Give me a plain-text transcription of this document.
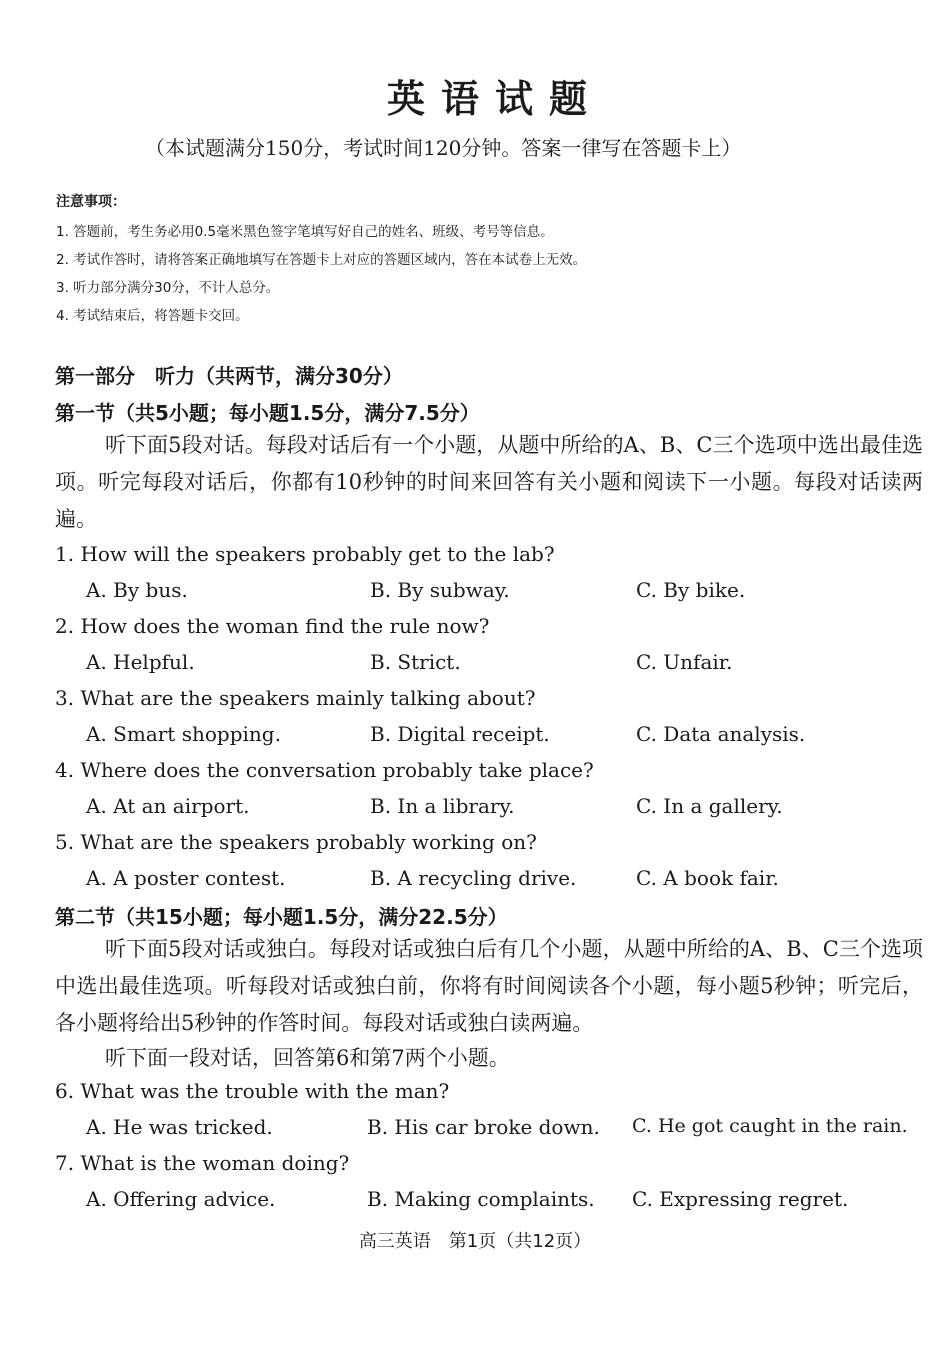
英语试题
（本试题满分150分，考试时间120分钟。答案一律写在答题卡上）
注意事项：
1. 答题前，考生务必用0.5毫米黑色签字笔填写好自己的姓名、班级、考号等信息。
2. 考试作答时，请将答案正确地填写在答题卡上对应的答题区域内，答在本试卷上无效。
3. 听力部分满分30分，不计人总分。
4. 考试结束后，将答题卡交回。
第一部分　听力（共两节，满分30分）
第一节（共5小题；每小题1.5分，满分7.5分）
听下面5段对话。每段对话后有一个小题，从题中所给的A、B、C三个选项中选出最佳选项。听完每段对话后，你都有10秒钟的时间来回答有关小题和阅读下一小题。每段对话读两遍。
1. How will the speakers probably get to the lab?
A. By bus.	B. By subway.	C. By bike.
2. How does the woman find the rule now?
A. Helpful.	B. Strict.	C. Unfair.
3. What are the speakers mainly talking about?
A. Smart shopping.	B. Digital receipt.	C. Data analysis.
4. Where does the conversation probably take place?
A. At an airport.	B. In a library.	C. In a gallery.
5. What are the speakers probably working on?
A. A poster contest.	B. A recycling drive.	C. A book fair.
第二节（共15小题；每小题1.5分，满分22.5分）
听下面5段对话或独白。每段对话或独白后有几个小题，从题中所给的A、B、C三个选项中选出最佳选项。听每段对话或独白前，你将有时间阅读各个小题，每小题5秒钟；听完后，各小题将给出5秒钟的作答时间。每段对话或独白读两遍。
听下面一段对话，回答第6和第7两个小题。
6. What was the trouble with the man?
A. He was tricked.	B. His car broke down. C. He got caught in the rain.
7. What is the woman doing?
A. Offering advice.	B. Making complaints. C. Expressing regret.
高三英语　第1页（共12页）
